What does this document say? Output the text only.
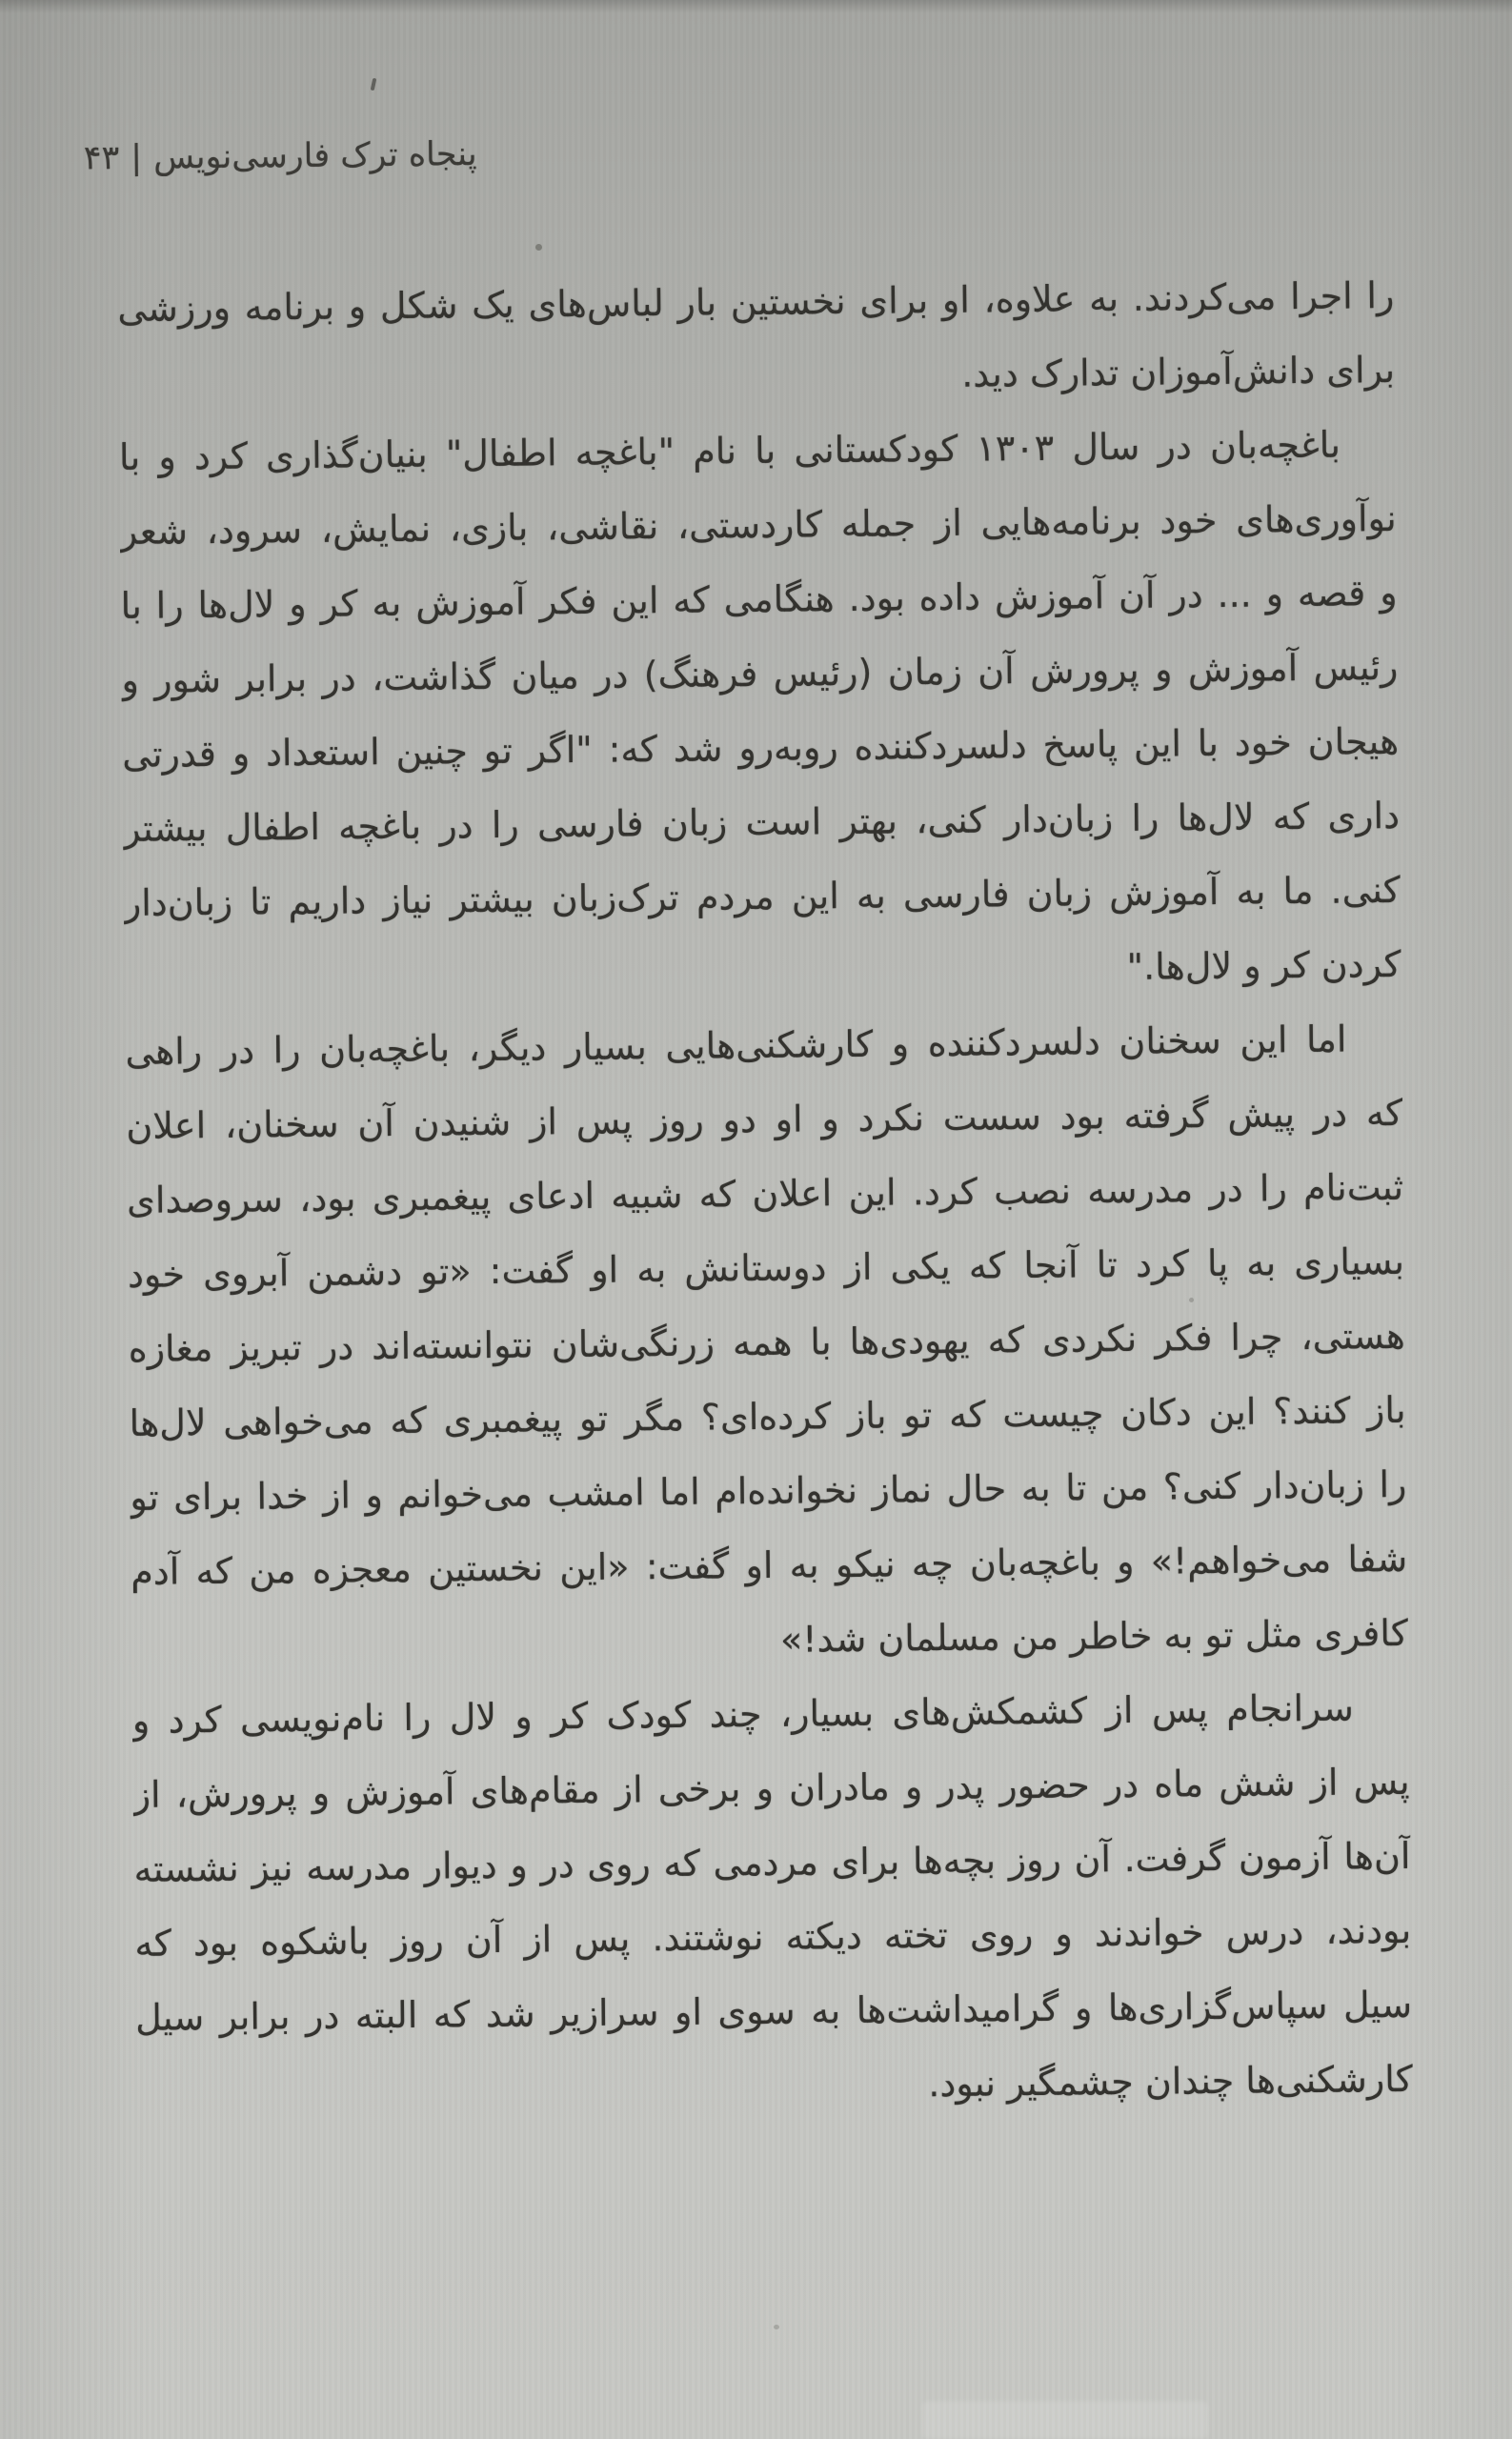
پنجاه ترک فارسی‌نویس|۴۳
را اجرا می‌کردند. به علاوه، او برای نخستین بار لباس‌های یک شکل و برنامه ورزشی
برای دانش‌آموزان تدارک دید.
باغچه‌بان در سال ۱۳۰۳ کودکستانی با نام "باغچه اطفال" بنیان‌گذاری کرد و با
نوآوری‌های خود برنامه‌هایی از جمله کاردستی، نقاشی، بازی، نمایش، سرود، شعر
و قصه و ... در آن آموزش داده بود. هنگامی که این فکر آموزش به کر و لال‌ها را با
رئیس آموزش و پرورش آن زمان (رئیس فرهنگ) در میان گذاشت، در برابر شور و
هیجان خود با این پاسخ دلسردکننده روبه‌رو شد که: "اگر تو چنین استعداد و قدرتی
داری که لال‌ها را زبان‌دار کنی، بهتر است زبان فارسی را در باغچه اطفال بیشتر
کنی. ما به آموزش زبان فارسی به این مردم ترک‌زبان بیشتر نیاز داریم تا زبان‌دار
کردن کر و لال‌ها."
اما این سخنان دلسردکننده و کارشکنی‌هایی بسیار دیگر، باغچه‌بان را در راهی
که در پیش گرفته بود سست نکرد و او دو روز پس از شنیدن آن سخنان، اعلان
ثبت‌نام را در مدرسه نصب کرد. این اعلان که شبیه ادعای پیغمبری بود، سروصدای
بسیاری به پا کرد تا آنجا که یکی از دوستانش به او گفت: «تو دشمن آبروی خود
هستی، چرا فکر نکردی که یهودی‌ها با همه زرنگی‌شان نتوانسته‌اند در تبریز مغازه
باز کنند؟ این دکان چیست که تو باز کرده‌ای؟ مگر تو پیغمبری که می‌خواهی لال‌ها
را زبان‌دار کنی؟ من تا به حال نماز نخوانده‌ام اما امشب می‌خوانم و از خدا برای تو
شفا می‌خواهم!» و باغچه‌بان چه نیکو به او گفت: «این نخستین معجزه من که آدم
کافری مثل تو به خاطر من مسلمان شد!»
سرانجام پس از کشمکش‌های بسیار، چند کودک کر و لال را نام‌نویسی کرد و
پس از شش ماه در حضور پدر و مادران و برخی از مقام‌های آموزش و پرورش، از
آن‌ها آزمون گرفت. آن روز بچه‌ها برای مردمی که روی در و دیوار مدرسه نیز نشسته
بودند، درس خواندند و روی تخته دیکته نوشتند. پس از آن روز باشکوه بود که
سیل سپاس‌گزاری‌ها و گرامیداشت‌ها به سوی او سرازیر شد که البته در برابر سیل
کارشکنی‌ها چندان چشمگیر نبود.
